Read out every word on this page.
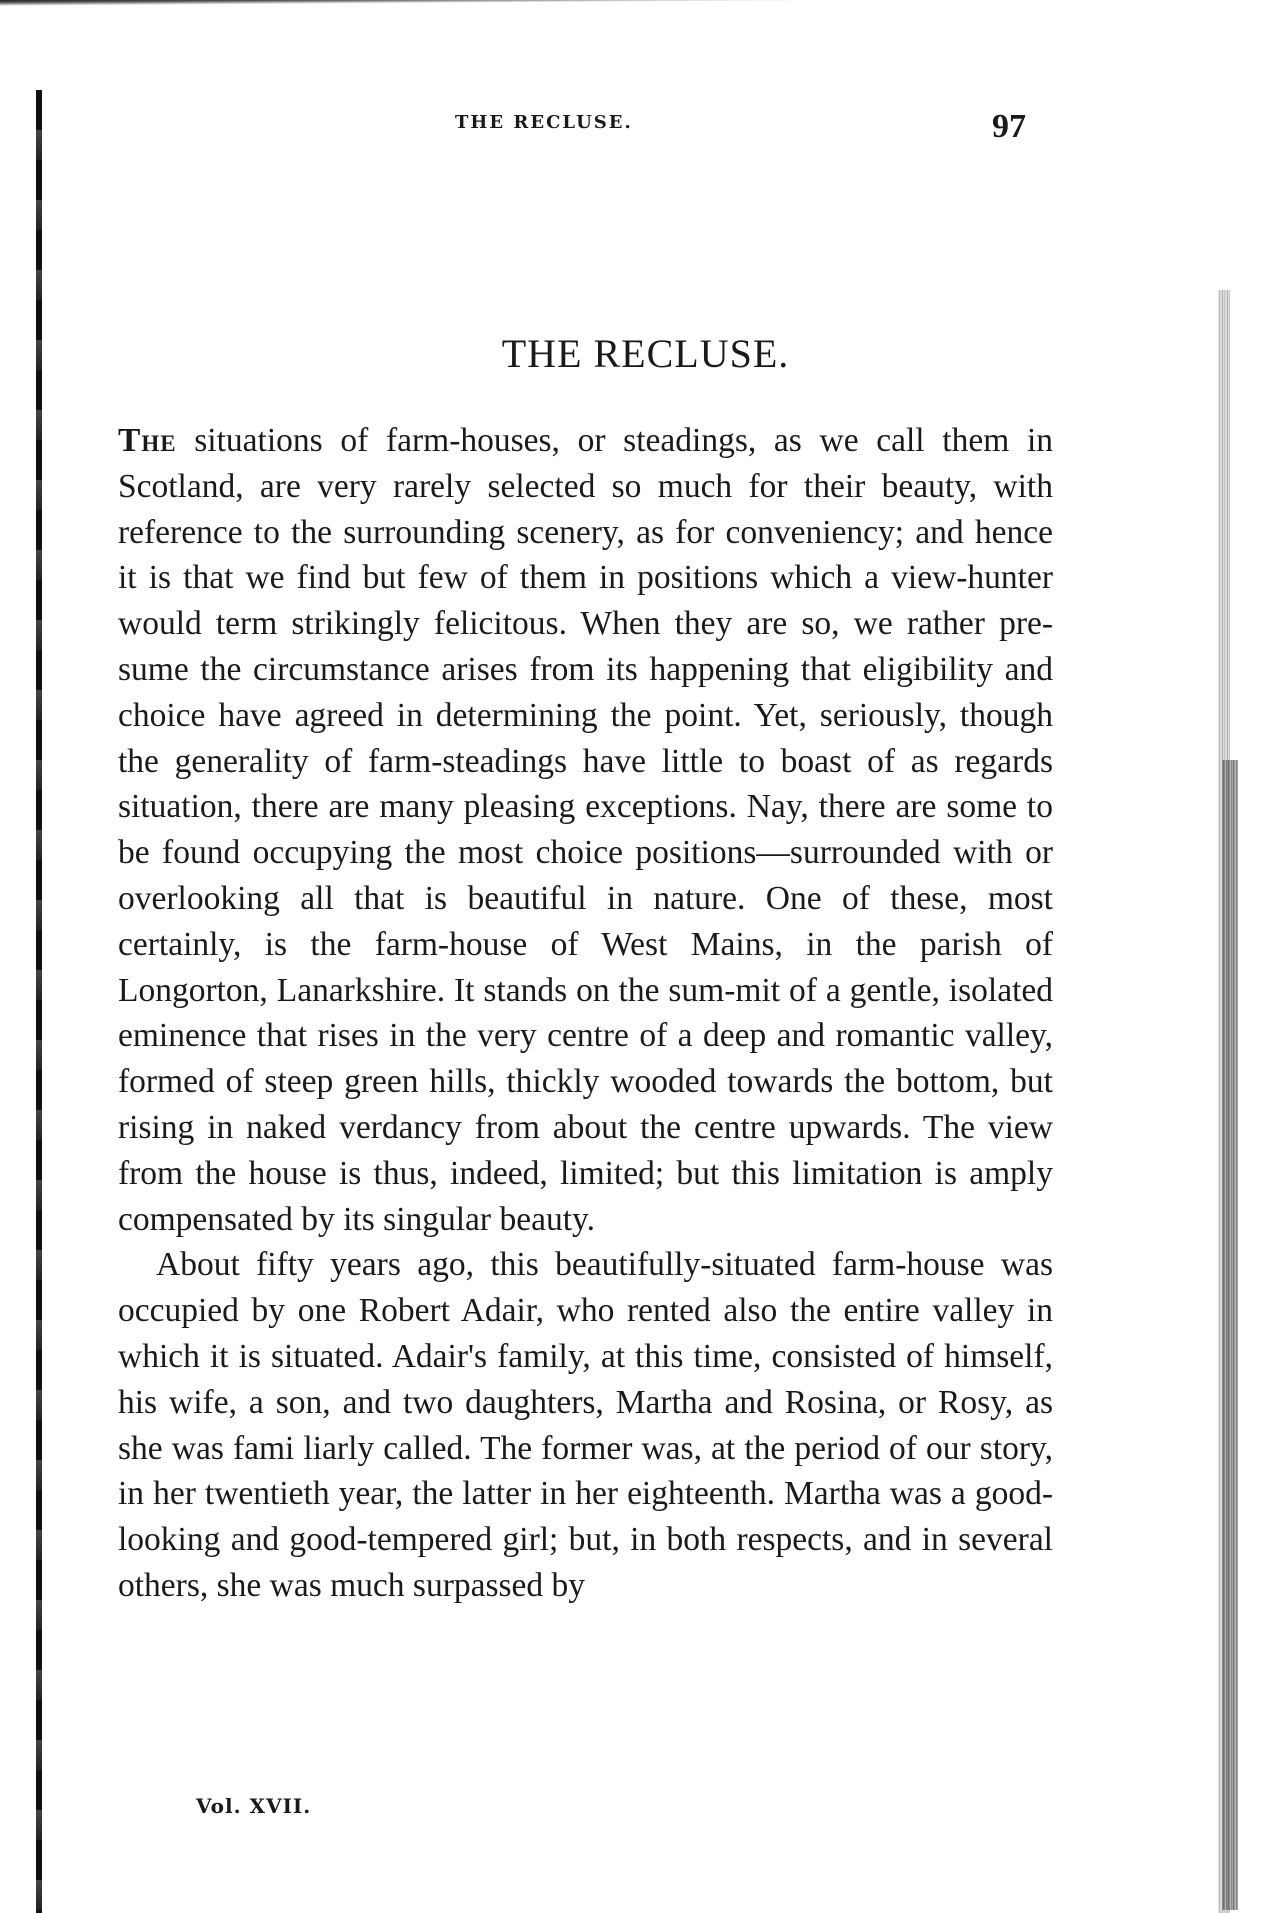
THE RECLUSE.	97
THE RECLUSE.

The situations of farm-houses, or steadings, as we call them in Scotland, are very rarely selected so much for their beauty, with reference to the surrounding scenery, as for conveniency; and hence it is that we find but few of them in positions which a view-hunter would term strikingly felicitous. When they are so, we rather pre-sume the circumstance arises from its happening that eligibility and choice have agreed in determining the point. Yet, seriously, though the generality of farm-steadings have little to boast of as regards situation, there are many pleasing exceptions. Nay, there are some to be found occupying the most choice positions—surrounded with or overlooking all that is beautiful in nature. One of these, most certainly, is the farm-house of West Mains, in the parish of Longorton, Lanarkshire. It stands on the sum-mit of a gentle, isolated eminence that rises in the very centre of a deep and romantic valley, formed of steep green hills, thickly wooded towards the bottom, but rising in naked verdancy from about the centre upwards. The view from the house is thus, indeed, limited; but this limitation is amply compensated by its singular beauty.

About fifty years ago, this beautifully-situated farm-house was occupied by one Robert Adair, who rented also the entire valley in which it is situated. Adair's family, at this time, consisted of himself, his wife, a son, and two daughters, Martha and Rosina, or Rosy, as she was fami liarly called. The former was, at the period of our story, in her twentieth year, the latter in her eighteenth. Martha was a good-looking and good-tempered girl; but, in both respects, and in several others, she was much surpassed by

Vol. XVII.
